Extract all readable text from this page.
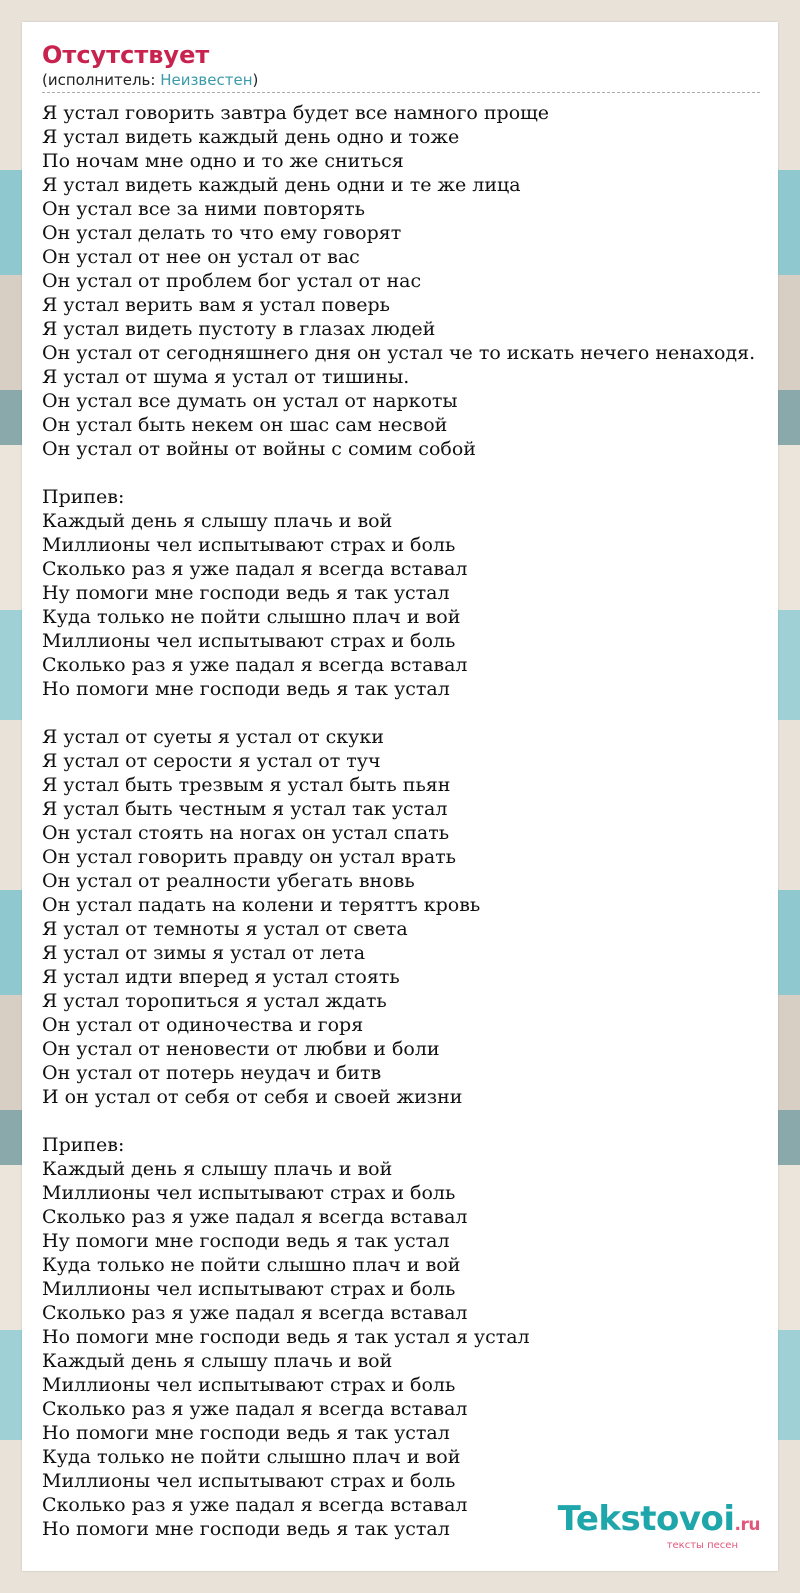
Отсутствует
(исполнитель: Неизвестен)
Я устал говорить завтра будет все намного проще
Я устал видеть каждый день одно и тоже
По ночам мне одно и то же сниться
Я устал видеть каждый день одни и те же лица
Он устал все за ними повторять
Он устал делать то что ему говорят
Он устал от нее он устал от вас
Он устал от проблем бог устал от нас
Я устал верить вам я устал поверь
Я устал видеть пустоту в глазах людей
Он устал от сегодняшнего дня он устал че то искать нечего ненаходя.
Я устал от шума я устал от тишины.
Он устал все думать он устал от наркоты
Он устал быть некем он шас сам несвой
Он устал от войны от войны с сомим собой
Припев:
Каждый день я слышу плачь и вой
Миллионы чел испытывают страх и боль
Сколько раз я уже падал я всегда вставал
Ну помоги мне господи ведь я так устал
Куда только не пойти слышно плач и вой
Миллионы чел испытывают страх и боль
Сколько раз я уже падал я всегда вставал
Но помоги мне господи ведь я так устал
Я устал от суеты я устал от скуки
Я устал от серости я устал от туч
Я устал быть трезвым я устал быть пьян
Я устал быть честным я устал так устал
Он устал стоять на ногах он устал спать
Он устал говорить правду он устал врать
Он устал от реалности убегать вновь
Он устал падать на колени и теряттъ кровь
Я устал от темноты я устал от света
Я устал от зимы я устал от лета
Я устал идти вперед я устал стоять
Я устал торопиться я устал ждать
Он устал от одиночества и горя
Он устал от неновести от любви и боли
Он устал от потерь неудач и битв
И он устал от себя от себя и своей жизни
Припев:
Каждый день я слышу плачь и вой
Миллионы чел испытывают страх и боль
Сколько раз я уже падал я всегда вставал
Ну помоги мне господи ведь я так устал
Куда только не пойти слышно плач и вой
Миллионы чел испытывают страх и боль
Сколько раз я уже падал я всегда вставал
Но помоги мне господи ведь я так устал я устал
Каждый день я слышу плачь и вой
Миллионы чел испытывают страх и боль
Сколько раз я уже падал я всегда вставал
Но помоги мне господи ведь я так устал
Куда только не пойти слышно плач и вой
Миллионы чел испытывают страх и боль
Сколько раз я уже падал я всегда вставал
Но помоги мне господи ведь я так устал	Tekstovoi.ru
тексты песен
